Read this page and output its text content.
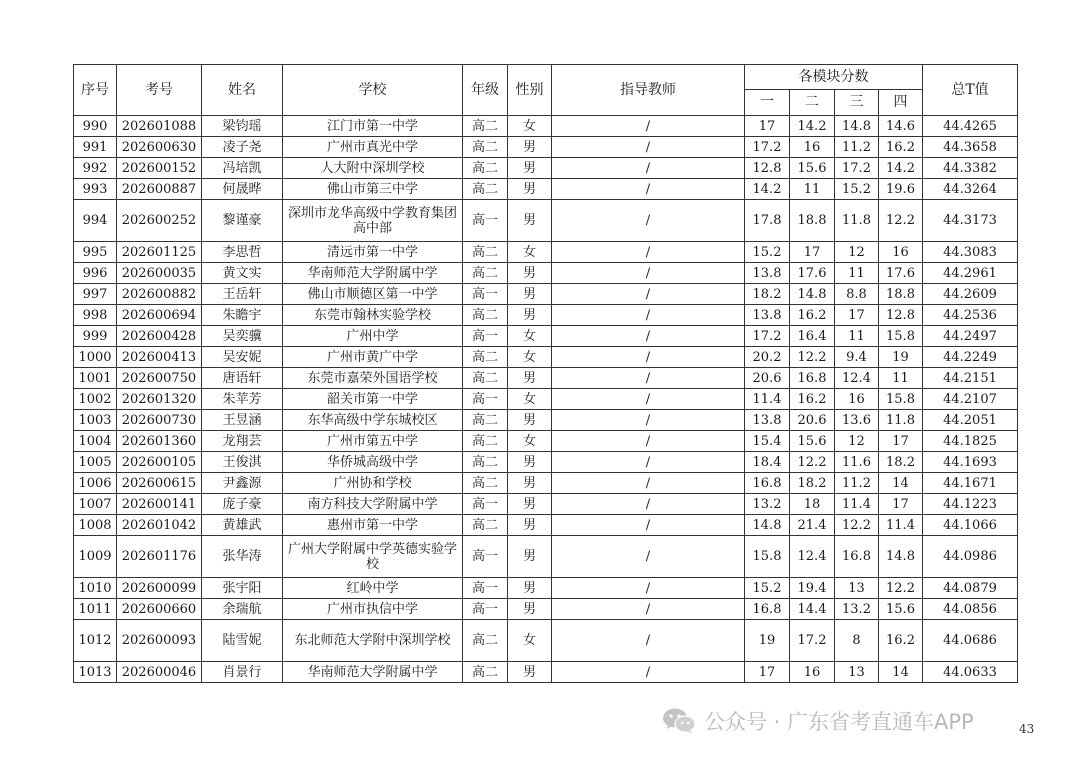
序号	考号	姓名	学校	年级	性别	指导教师	各模块分数				总T值
							一	二	三	四	
990	202601088	梁钧瑶	江门市第一中学	高二	女	/	17	14.2	14.8	14.6	44.4265
991	202600630	凌子尧	广州市真光中学	高二	男	/	17.2	16	11.2	16.2	44.3658
992	202600152	冯培凯	人大附中深圳学校	高二	男	/	12.8	15.6	17.2	14.2	44.3382
993	202600887	何晟晔	佛山市第三中学	高二	男	/	14.2	11	15.2	19.6	44.3264
994	202600252	黎谨豪	深圳市龙华高级中学教育集团高中部	高一	男	/	17.8	18.8	11.8	12.2	44.3173
995	202601125	李思哲	清远市第一中学	高二	女	/	15.2	17	12	16	44.3083
996	202600035	黄文实	华南师范大学附属中学	高二	男	/	13.8	17.6	11	17.6	44.2961
997	202600882	王岳轩	佛山市顺德区第一中学	高一	男	/	18.2	14.8	8.8	18.8	44.2609
998	202600694	朱瞻宇	东莞市翰林实验学校	高二	男	/	13.8	16.2	17	12.8	44.2536
999	202600428	吴奕骥	广州中学	高一	女	/	17.2	16.4	11	15.8	44.2497
1000	202600413	吴安妮	广州市黄广中学	高二	女	/	20.2	12.2	9.4	19	44.2249
1001	202600750	唐语轩	东莞市嘉荣外国语学校	高二	男	/	20.6	16.8	12.4	11	44.2151
1002	202601320	朱苹芳	韶关市第一中学	高一	女	/	11.4	16.2	16	15.8	44.2107
1003	202600730	王昱涵	东华高级中学东城校区	高二	男	/	13.8	20.6	13.6	11.8	44.2051
1004	202601360	龙翔芸	广州市第五中学	高二	女	/	15.4	15.6	12	17	44.1825
1005	202600105	王俊淇	华侨城高级中学	高二	男	/	18.4	12.2	11.6	18.2	44.1693
1006	202600615	尹鑫源	广州协和学校	高二	男	/	16.8	18.2	11.2	14	44.1671
1007	202600141	庞子豪	南方科技大学附属中学	高一	男	/	13.2	18	11.4	17	44.1223
1008	202601042	黄雄武	惠州市第一中学	高二	男	/	14.8	21.4	12.2	11.4	44.1066
1009	202601176	张华涛	广州大学附属中学英德实验学校	高一	男	/	15.8	12.4	16.8	14.8	44.0986
1010	202600099	张宇阳	红岭中学	高一	男	/	15.2	19.4	13	12.2	44.0879
1011	202600660	余瑞航	广州市执信中学	高一	男	/	16.8	14.4	13.2	15.6	44.0856
1012	202600093	陆雪妮	东北师范大学附中深圳学校	高二	女	/	19	17.2	8	16.2	44.0686
1013	202600046	肖景行	华南师范大学附属中学	高二	男	/	17	16	13	14	44.0633
公众号 · 广东省考直通车APP	43
